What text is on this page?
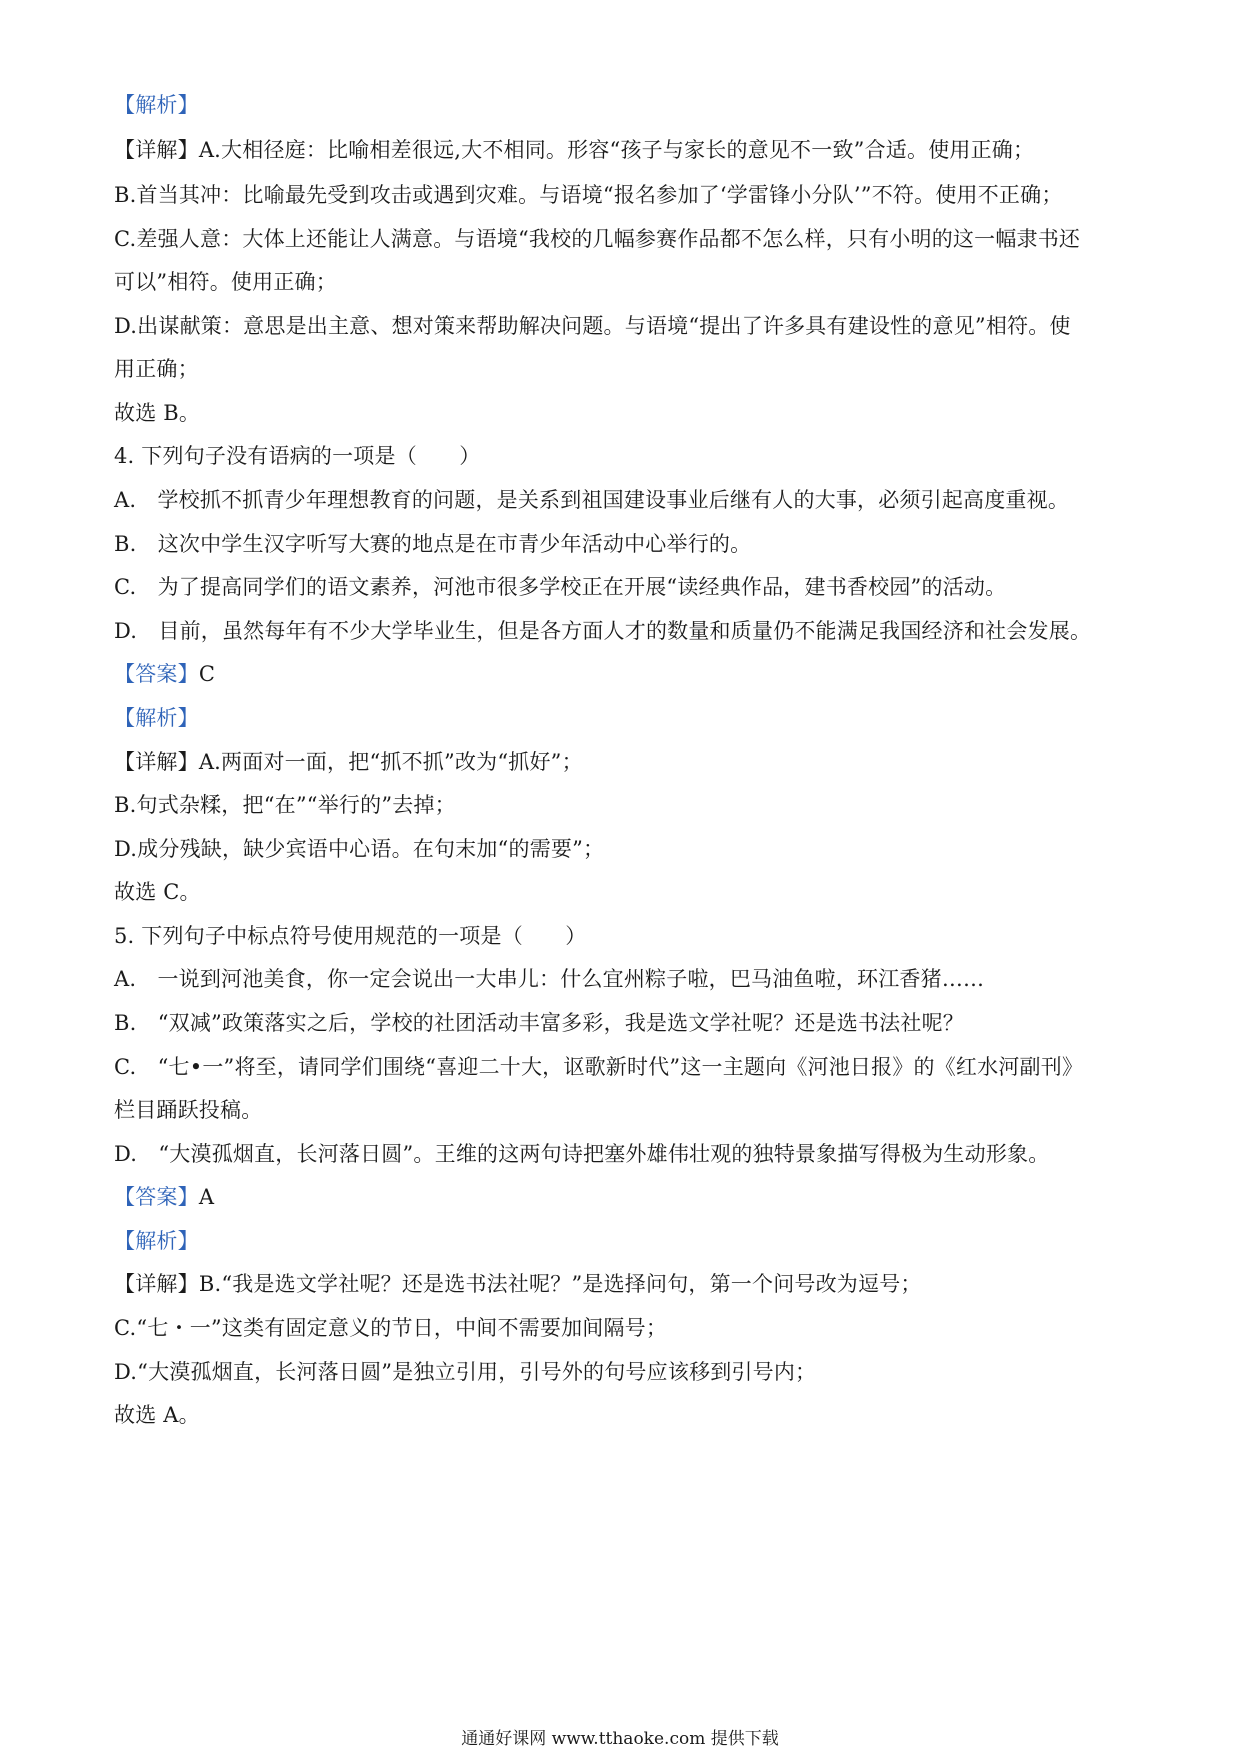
【解析】
【详解】A.大相径庭：比喻相差很远,大不相同。形容“孩子与家长的意见不一致”合适。使用正确；
B.首当其冲：比喻最先受到攻击或遇到灾难。与语境“报名参加了‘学雷锋小分队’”不符。使用不正确；
C.差强人意：大体上还能让人满意。与语境“我校的几幅参赛作品都不怎么样，只有小明的这一幅隶书还
可以”相符。使用正确；
D.出谋献策：意思是出主意、想对策来帮助解决问题。与语境“提出了许多具有建设性的意见”相符。使
用正确；
故选 B。
4. 下列句子没有语病的一项是（　　）
A.　学校抓不抓青少年理想教育的问题，是关系到祖国建设事业后继有人的大事，必须引起高度重视。
B.　这次中学生汉字听写大赛的地点是在市青少年活动中心举行的。
C.　为了提高同学们的语文素养，河池市很多学校正在开展“读经典作品，建书香校园”的活动。
D.　目前，虽然每年有不少大学毕业生，但是各方面人才的数量和质量仍不能满足我国经济和社会发展。
【答案】C
【解析】
【详解】A.两面对一面，把“抓不抓”改为“抓好”；
B.句式杂糅，把“在”“举行的”去掉；
D.成分残缺，缺少宾语中心语。在句末加“的需要”；
故选 C。
5. 下列句子中标点符号使用规范的一项是（　　）
A.　一说到河池美食，你一定会说出一大串儿：什么宜州粽子啦，巴马油鱼啦，环江香猪……
B.　“双减”政策落实之后，学校的社团活动丰富多彩，我是选文学社呢？还是选书法社呢？
C.　“七•一”将至，请同学们围绕“喜迎二十大，讴歌新时代”这一主题向《河池日报》的《红水河副刊》
栏目踊跃投稿。
D.　“大漠孤烟直，长河落日圆”。王维的这两句诗把塞外雄伟壮观的独特景象描写得极为生动形象。
【答案】A
【解析】
【详解】B.“我是选文学社呢？还是选书法社呢？”是选择问句，第一个问号改为逗号；
C.“七・一”这类有固定意义的节日，中间不需要加间隔号；
D.“大漠孤烟直，长河落日圆”是独立引用，引号外的句号应该移到引号内；
故选 A。
通通好课网 www.tthaoke.com 提供下载
